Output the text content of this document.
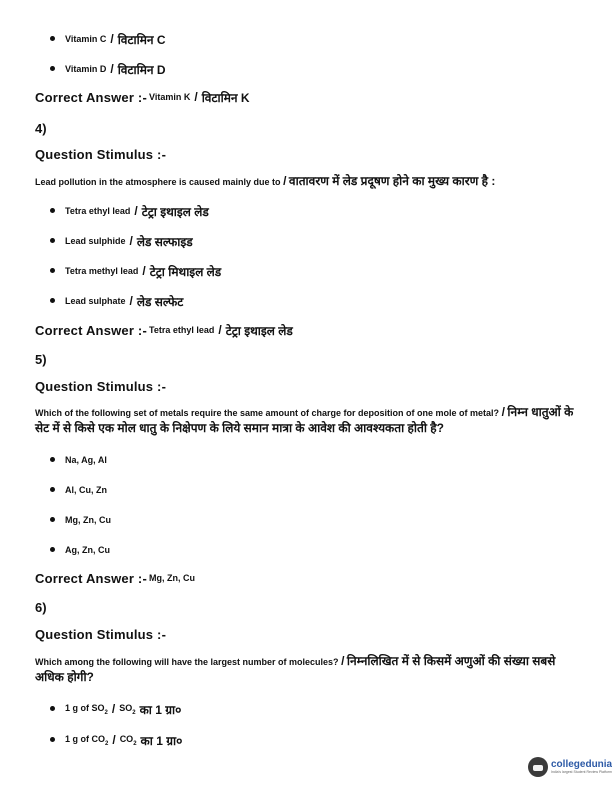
Vitamin C / विटामिन C
Vitamin D / विटामिन D
Correct Answer :- Vitamin K / विटामिन K
4)
Question Stimulus :-
Lead pollution in the atmosphere is caused mainly due to / वातावरण में लेड प्रदूषण होने का मुख्य कारण है :
Tetra ethyl lead / टेट्रा इथाइल लेड
Lead sulphide / लेड सल्फाइड
Tetra methyl lead / टेट्रा मिथाइल लेड
Lead sulphate / लेड सल्फेट
Correct Answer :- Tetra ethyl lead / टेट्रा इथाइल लेड
5)
Question Stimulus :-
Which of the following set of metals require the same amount of charge for deposition of one mole of metal? / निम्न धातुओं के सेट में से किसे एक मोल धातु के निक्षेपण के लिये समान मात्रा के आवेश की आवश्यकता होती है?
Na, Ag, Al
Al, Cu, Zn
Mg, Zn, Cu
Ag, Zn, Cu
Correct Answer :- Mg, Zn, Cu
6)
Question Stimulus :-
Which among the following will have the largest number of molecules? / निम्नलिखित में से किसमें अणुओं की संख्या सबसे अधिक होगी?
1 g of $SO_2 / SO_2$ का 1 ग्रा०
1 g of $CO_2 / CO_2$ का 1 ग्रा०
collegedunia
India's largest Student Review Platform
